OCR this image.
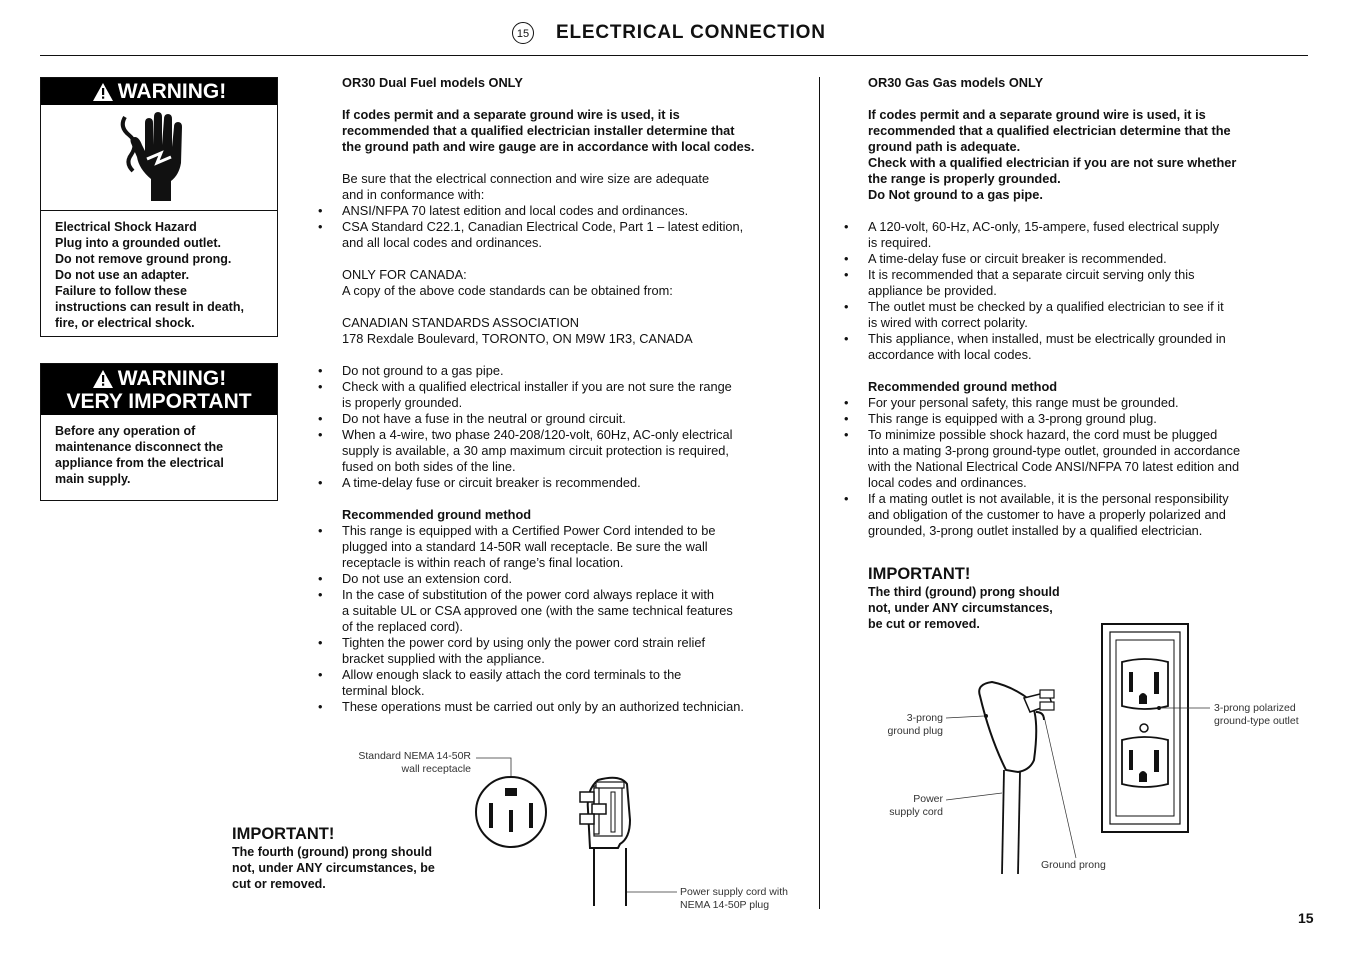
15 ELECTRICAL CONNECTION
WARNING!
Electrical Shock Hazard
Plug into a grounded outlet.
Do not remove ground prong.
Do not use an adapter.
Failure to follow these
instructions can result in death,
fire, or electrical shock.
WARNING!
VERY IMPORTANT
Before any operation of
maintenance disconnect the
appliance from the electrical
main supply.
OR30 Dual Fuel models ONLY
If codes permit and a separate ground wire is used, it is
recommended that a qualified electrician installer determine that
the ground path and wire gauge are in accordance with local codes.
Be sure that the electrical connection and wire size are adequate
and in conformance with:
• ANSI/NFPA 70 latest edition and local codes and ordinances.
• CSA Standard C22.1, Canadian Electrical Code, Part 1 – latest edition,
and all local codes and ordinances.
ONLY FOR CANADA:
A copy of the above code standards can be obtained from:
CANADIAN STANDARDS ASSOCIATION
178 Rexdale Boulevard, TORONTO, ON M9W 1R3, CANADA
• Do not ground to a gas pipe.
• Check with a qualified electrical installer if you are not sure the range
is properly grounded.
• Do not have a fuse in the neutral or ground circuit.
• When a 4-wire, two phase 240-208/120-volt, 60Hz, AC-only electrical
supply is available, a 30 amp maximum circuit protection is required,
fused on both sides of the line.
• A time-delay fuse or circuit breaker is recommended.
Recommended ground method
• This range is equipped with a Certified Power Cord intended to be
plugged into a standard 14-50R wall receptacle. Be sure the wall
receptacle is within reach of range’s final location.
• Do not use an extension cord.
• In the case of substitution of the power cord always replace it with
a suitable UL or CSA approved one (with the same technical features
of the replaced cord).
• Tighten the power cord by using only the power cord strain relief
bracket supplied with the appliance.
• Allow enough slack to easily attach the cord terminals to the
terminal block.
• These operations must be carried out only by an authorized technician.
IMPORTANT!
The fourth (ground) prong should
not, under ANY circumstances, be
cut or removed.
Standard NEMA 14-50R
wall receptacle
Power supply cord with
NEMA 14-50P plug
OR30 Gas Gas models ONLY
If codes permit and a separate ground wire is used, it is
recommended that a qualified electrician determine that the
ground path is adequate.
Check with a qualified electrician if you are not sure whether
the range is properly grounded.
Do Not ground to a gas pipe.
• A 120-volt, 60-Hz, AC-only, 15-ampere, fused electrical supply
is required.
• A time-delay fuse or circuit breaker is recommended.
• It is recommended that a separate circuit serving only this
appliance be provided.
• The outlet must be checked by a qualified electrician to see if it
is wired with correct polarity.
• This appliance, when installed, must be electrically grounded in
accordance with local codes.
Recommended ground method
• For your personal safety, this range must be grounded.
• This range is equipped with a 3-prong ground plug.
• To minimize possible shock hazard, the cord must be plugged
into a mating 3-prong ground-type outlet, grounded in accordance
with the National Electrical Code ANSI/NFPA 70 latest edition and
local codes and ordinances.
• If a mating outlet is not available, it is the personal responsibility
and obligation of the customer to have a properly polarized and
grounded, 3-prong outlet installed by a qualified electrician.
IMPORTANT!
The third (ground) prong should
not, under ANY circumstances,
be cut or removed.
3-prong
ground plug
Power
supply cord
3-prong polarized
ground-type outlet
Ground prong
15
